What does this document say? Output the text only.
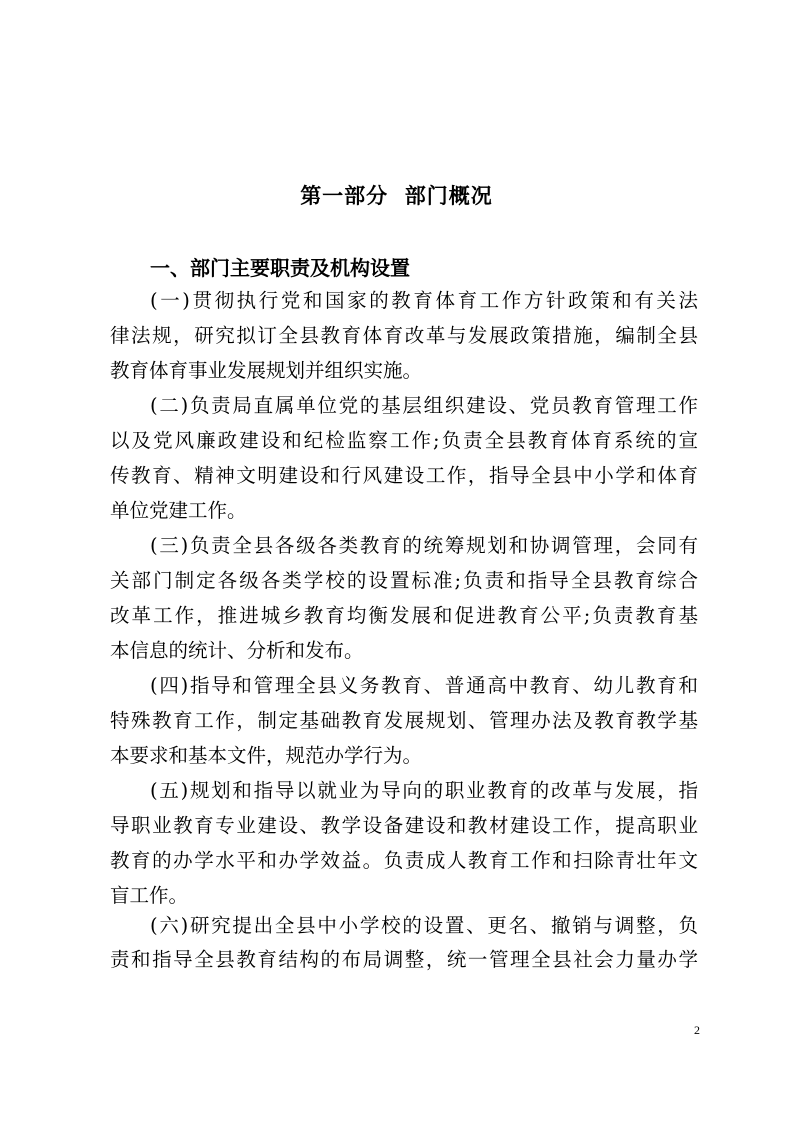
第一部分  部门概况
一、部门主要职责及机构设置
(一)贯彻执行党和国家的教育体育工作方针政策和有关法
律法规，研究拟订全县教育体育改革与发展政策措施，编制全县
教育体育事业发展规划并组织实施。
(二)负责局直属单位党的基层组织建设、党员教育管理工作
以及党风廉政建设和纪检监察工作;负责全县教育体育系统的宣
传教育、精神文明建设和行风建设工作，指导全县中小学和体育
单位党建工作。
(三)负责全县各级各类教育的统筹规划和协调管理，会同有
关部门制定各级各类学校的设置标准;负责和指导全县教育综合
改革工作，推进城乡教育均衡发展和促进教育公平;负责教育基
本信息的统计、分析和发布。
(四)指导和管理全县义务教育、普通高中教育、幼儿教育和
特殊教育工作，制定基础教育发展规划、管理办法及教育教学基
本要求和基本文件，规范办学行为。
(五)规划和指导以就业为导向的职业教育的改革与发展，指
导职业教育专业建设、教学设备建设和教材建设工作，提高职业
教育的办学水平和办学效益。负责成人教育工作和扫除青壮年文
盲工作。
(六)研究提出全县中小学校的设置、更名、撤销与调整，负
责和指导全县教育结构的布局调整，统一管理全县社会力量办学
2
